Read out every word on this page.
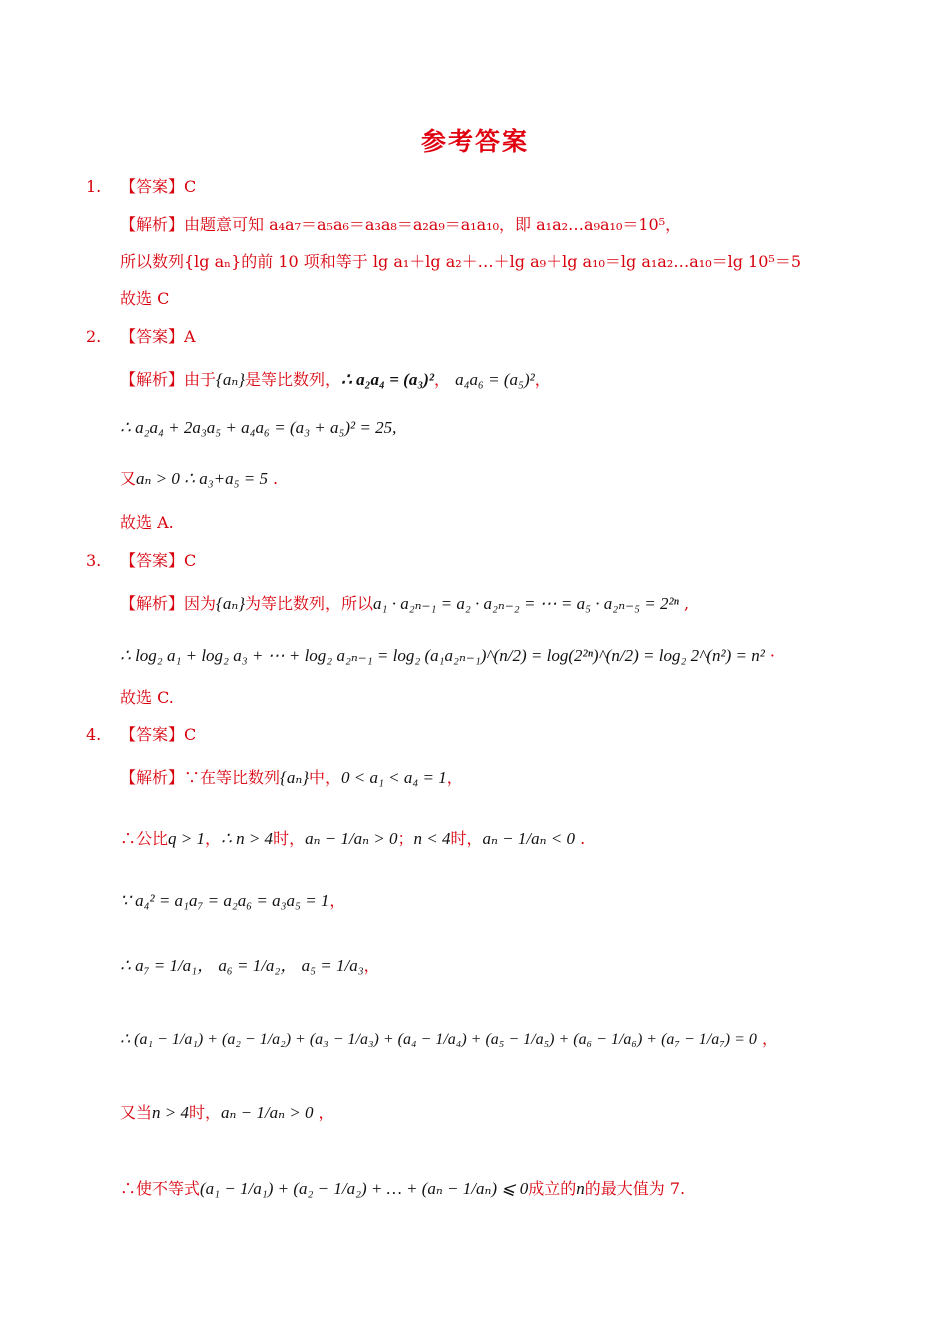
参考答案
1. 【答案】C
【解析】由题意可知 a₄a₇＝a₅a₆＝a₃a₈＝a₂a₉＝a₁a₁₀，即 a₁a₂…a₉a₁₀＝10⁵，
所以数列{lg aₙ}的前 10 项和等于 lg a₁＋lg a₂＋…＋lg a₉＋lg a₁₀＝lg a₁a₂…a₁₀＝lg 10⁵＝5
故选 C
2. 【答案】A
【解析】由于{aₙ}是等比数列，∴ a₂a₄ = (a₃)²， a₄a₆ = (a₅)²，
∴ a₂a₄ + 2a₃a₅ + a₄a₆ = (a₃ + a₅)² = 25,
又aₙ > 0 ∴ a₃+a₅ = 5 .
故选 A.
3. 【答案】C
【解析】因为{aₙ}为等比数列，所以a₁ · a₂ₙ₋₁ = a₂ · a₂ₙ₋₂ = ⋯ = a₅ · a₂ₙ₋₅ = 2²ⁿ ,
∴ log₂ a₁ + log₂ a₃ + ⋯ + log₂ a₂ₙ₋₁ = log₂ (a₁a₂ₙ₋₁)^(n/2) = log(2²ⁿ)^(n/2) = log₂ 2^(n²) = n² ·
故选 C.
4. 【答案】C
【解析】∵在等比数列{aₙ}中，0 < a₁ < a₄ = 1，
∴公比q > 1，∴ n > 4时，aₙ − 1/aₙ > 0；n < 4时，aₙ − 1/aₙ < 0 .
∵ a₄² = a₁a₇ = a₂a₆ = a₃a₅ = 1，
∴ a₇ = 1/a₁， a₆ = 1/a₂， a₅ = 1/a₃，
∴ (a₁ − 1/a₁) + (a₂ − 1/a₂) + (a₃ − 1/a₃) + (a₄ − 1/a₄) + (a₅ − 1/a₅) + (a₆ − 1/a₆) + (a₇ − 1/a₇) = 0 ，
又当n > 4时，aₙ − 1/aₙ > 0 ，
∴使不等式(a₁ − 1/a₁) + (a₂ − 1/a₂) + … + (aₙ − 1/aₙ) ⩽ 0成立的n的最大值为 7.
